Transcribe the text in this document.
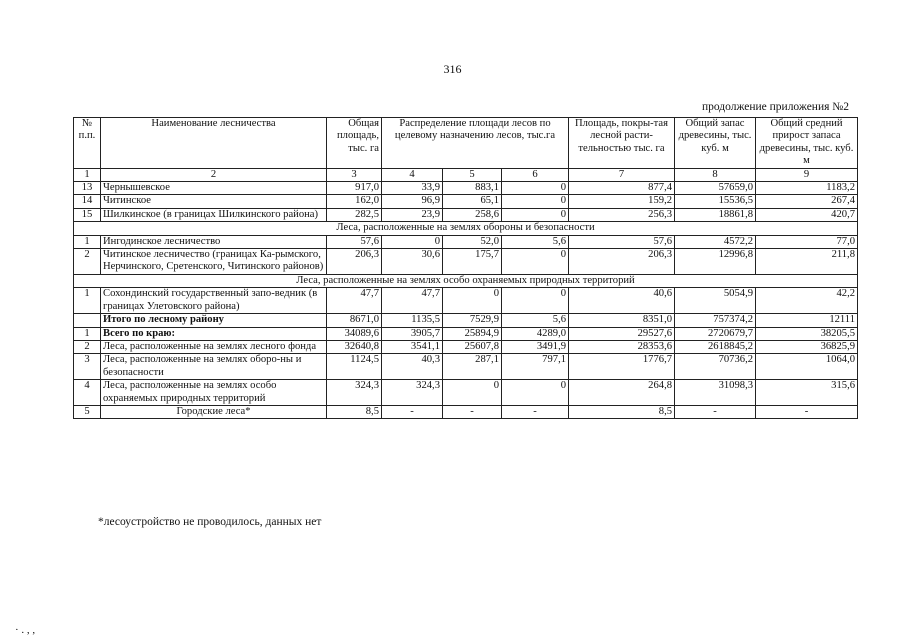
316
продолжение приложения №2
№ п.п.	Наименование лесничества	Общая площадь, тыс. га	Распределение площади лесов по целевому назначению лесов, тыс.га			Площадь, покры-тая лесной расти-тельностью тыс. га	Общий запас древесины, тыс. куб. м	Общий средний прирост запаса древесины, тыс. куб. м
1	2	3	4	5	6	7	8	9
13	Чернышевское	917,0	33,9	883,1	0	877,4	57659,0	1183,2
14	Читинское	162,0	96,9	65,1	0	159,2	15536,5	267,4
15	Шилкинское (в границах Шилкинского района)	282,5	23,9	258,6	0	256,3	18861,8	420,7
Леса, расположенные на землях обороны и безопасности								
1	Ингодинское лесничество	57,6	0	52,0	5,6	57,6	4572,2	77,0
2	Читинское лесничество (границах Ка-рымского, Нерчинского, Сретенского, Читинского районов)	206,3	30,6	175,7	0	206,3	12996,8	211,8
Леса, расположенные на землях особо охраняемых природных территорий								
1	Сохондинский государственный запо-ведник (в границах Улетовского района)	47,7	47,7	0	0	40,6	5054,9	42,2
	Итого по лесному району	8671,0	1135,5	7529,9	5,6	8351,0	757374,2	12111
1	Всего по краю:	34089,6	3905,7	25894,9	4289,0	29527,6	2720679,7	38205,5
2	Леса, расположенные на землях лесного фонда	32640,8	3541,1	25607,8	3491,9	28353,6	2618845,2	36825,9
3	Леса, расположенные на землях оборо-ны и безопасности	1124,5	40,3	287,1	797,1	1776,7	70736,2	1064,0
4	Леса, расположенные на землях особо охраняемых природных территорий	324,3	324,3	0	0	264,8	31098,3	315,6
5	Городские леса*	8,5	-	-	-	8,5	-	-
*лесоустройство не проводилось, данных нет
· . , ,
